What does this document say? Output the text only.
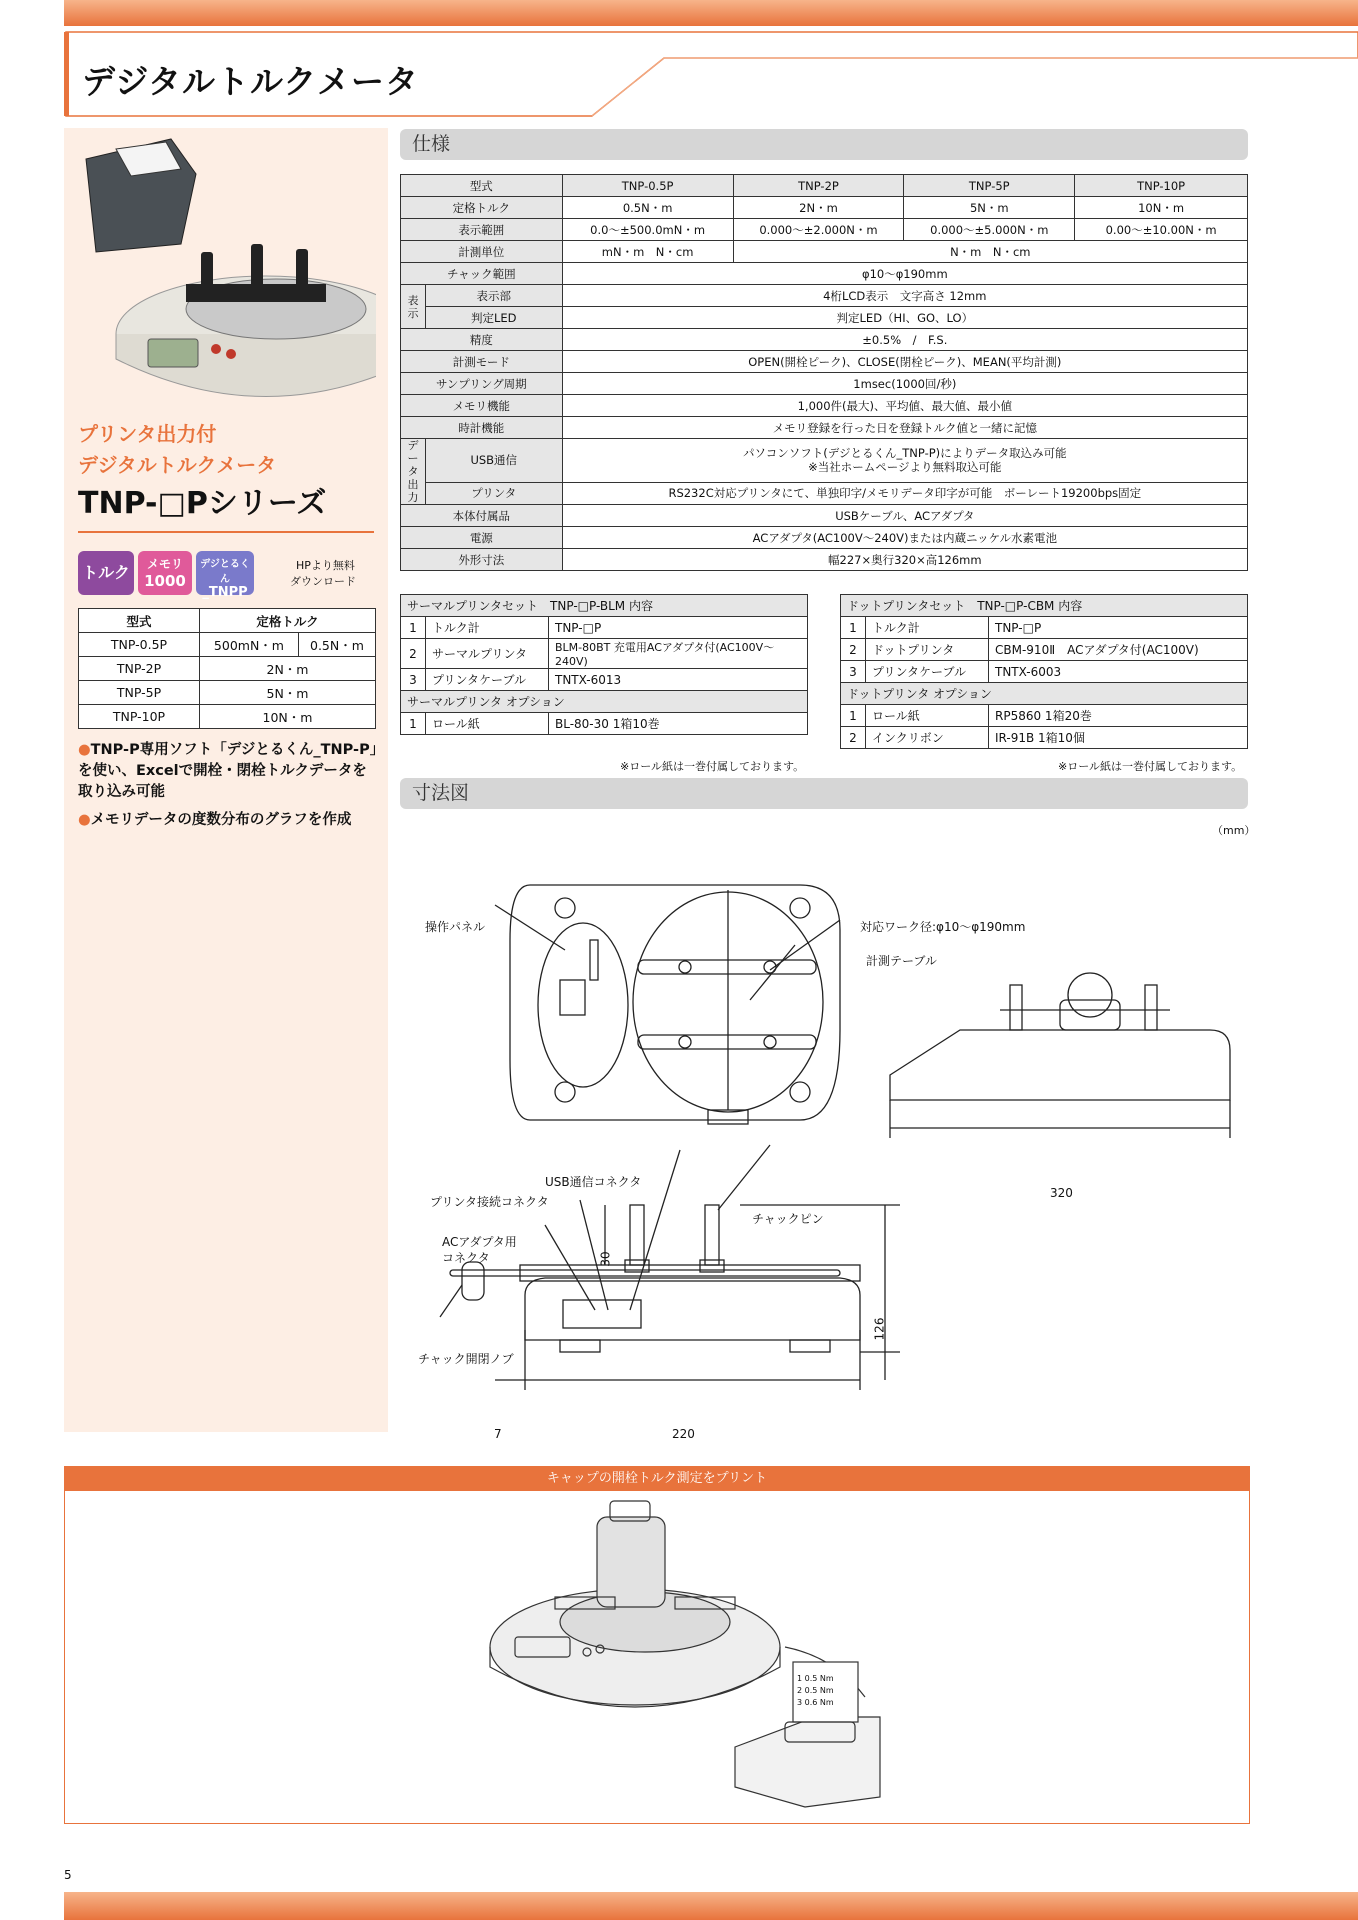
デジタルトルクメータ
プリンタ出力付
デジタルトルクメータ
TNP-□Pシリーズ
トルク	メモリ
1000
デジとるくん
_TNPP
HPより無料
ダウンロード
型式	定格トルク	
TNP-0.5P	500mN・m	0.5N・m
TNP-2P	2N・m	
TNP-5P	5N・m	
TNP-10P	10N・m	
●TNP-P専用ソフト「デジとるくん_TNP-P」を使い、Excelで開栓・閉栓トルクデータを取り込み可能
●メモリデータの度数分布のグラフを作成
仕様
型式		TNP-0.5P	TNP-2P	TNP-5P	TNP-10P
定格トルク		0.5N・m	2N・m	5N・m	10N・m
表示範囲		0.0～±500.0mN・m	0.000～±2.000N・m	0.000～±5.000N・m	0.00～±10.00N・m
計測単位		mN・m　N・cm	N・m　N・cm		
チャック範囲		φ10～φ190mm			
表示	表示部	4桁LCD表示　文字高さ 12mm			
	判定LED	判定LED（HI、GO、LO）			
精度		±0.5%　/　F.S.			
計測モード		OPEN(開栓ピーク)、CLOSE(閉栓ピーク)、MEAN(平均計測)			
サンプリング周期		1msec(1000回/秒)			
メモリ機能		1,000件(最大)、平均値、最大値、最小値			
時計機能		メモリ登録を行った日を登録トルク値と一緒に記憶			
データ出力	USB通信	パソコンソフト(デジとるくん_TNP-P)によりデータ取込み可能
※当社ホームページより無料取込可能			

	プリンタ	RS232C対応プリンタにて、単独印字/メモリデータ印字が可能　ボーレート19200bps固定			
本体付属品		USBケーブル、ACアダプタ			
電源		ACアダプタ(AC100V～240V)または内蔵ニッケル水素電池			
外形寸法		幅227×奥行320×高126mm			
サーマルプリンタセット　TNP-□P-BLM 内容		
1	トルク計	TNP-□P
2	サーマルプリンタ	BLM-80BT 充電用ACアダプタ付(AC100V～240V)
3	プリンタケーブル	TNTX-6013
サーマルプリンタ オプション		
1	ロール紙	BL-80-30 1箱10巻
※ロール紙は一巻付属しております。
ドットプリンタセット　TNP-□P-CBM 内容		
1	トルク計	TNP-□P
2	ドットプリンタ	CBM-910Ⅱ　ACアダプタ付(AC100V)
3	プリンタケーブル	TNTX-6003
ドットプリンタ オプション		
1	ロール紙	RP5860 1箱20巻
2	インクリボン	IR-91B 1箱10個
※ロール紙は一巻付属しております。
寸法図
（mm）
操作パネル	対応ワーク径:φ10～φ190mm
計測テーブル
320
USB通信コネクタ
プリンタ接続コネクタ
チャックピン
ACアダプタ用
コネクタ	30
126
チャック開閉ノブ
7	220
キャップの開栓トルク測定をプリント
1 0.5 Nm
2 0.5 Nm
3 0.6 Nm
5
